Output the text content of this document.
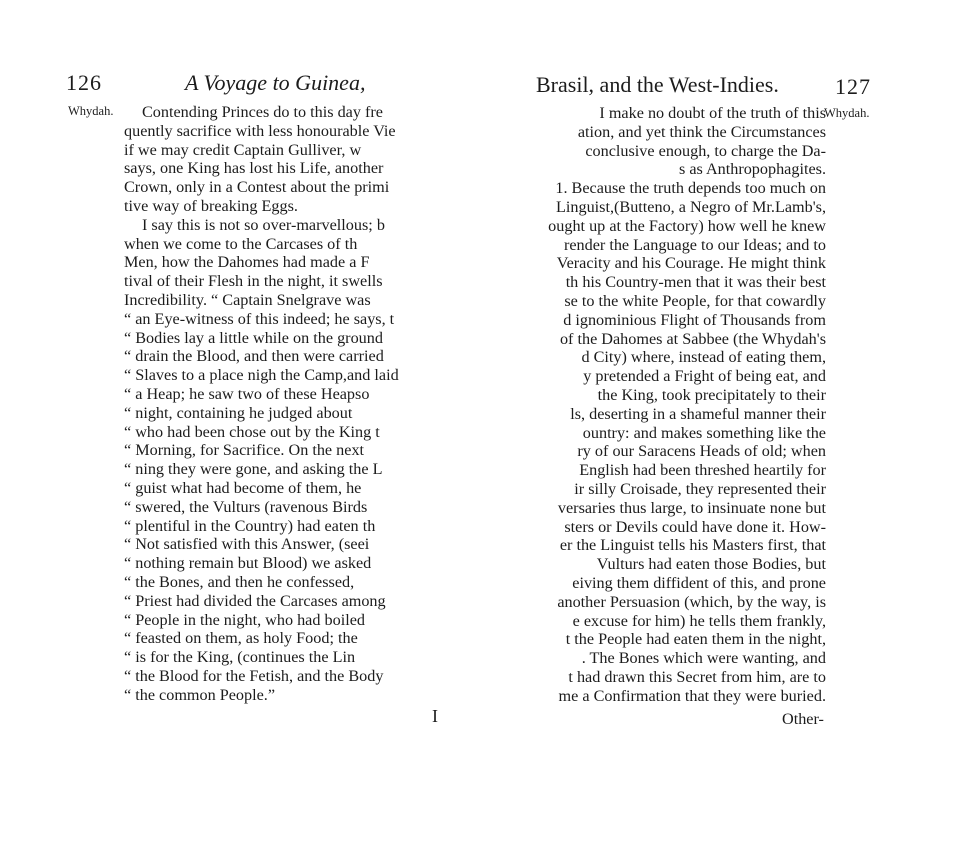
126	A Voyage to Guinea,
Whydah.	Contending Princes do to this day fre
quently sacrifice with less honourable Vie
if we may credit Captain Gulliver, w
says, one King has lost his Life, another
Crown, only in a Contest about the primi
tive way of breaking Eggs.
I say this is not so over-marvellous; b
when we come to the Carcases of th
Men, how the Dahomes had made a F
tival of their Flesh in the night, it swells
Incredibility. “ Captain Snelgrave was
“ an Eye-witness of this indeed; he says, t
“ Bodies lay a little while on the ground
“ drain the Blood, and then were carried
“ Slaves to a place nigh the Camp,and laid
“ a Heap; he saw two of these Heapso
“ night, containing he judged about
“ who had been chose out by the King t
“ Morning, for Sacrifice. On the next
“ ning they were gone, and asking the L
“ guist what had become of them, he
“ swered, the Vulturs (ravenous Birds
“ plentiful in the Country) had eaten th
“ Not satisfied with this Answer, (seei
“ nothing remain but Blood) we asked
“ the Bones, and then he confessed,
“ Priest had divided the Carcases among
“ People in the night, who had boiled
“ feasted on them, as holy Food; the
“ is for the King, (continues the Lin
“ the Blood for the Fetish, and the Body
“ the common People.”
I
Brasil, and the West-Indies.	127
Whydah.
I make no doubt of the truth of this
ation, and yet think the Circumstances
conclusive enough, to charge the Da-
s as Anthropophagites.
1. Because the truth depends too much on
Linguist,(Butteno, a Negro of Mr.Lamb's,
ought up at the Factory) how well he knew
render the Language to our Ideas; and to
Veracity and his Courage. He might think
th his Country-men that it was their best
se to the white People, for that cowardly
d ignominious Flight of Thousands from
of the Dahomes at Sabbee (the Whydah's
d City) where, instead of eating them,
y pretended a Fright of being eat, and
the King, took precipitately to their
ls, deserting in a shameful manner their
ountry: and makes something like the
ry of our Saracens Heads of old; when
English had been threshed heartily for
ir silly Croisade, they represented their
versaries thus large, to insinuate none but
sters or Devils could have done it. How-
er the Linguist tells his Masters first, that
Vulturs had eaten those Bodies, but
eiving them diffident of this, and prone
another Persuasion (which, by the way, is
e excuse for him) he tells them frankly,
t the People had eaten them in the night,
. The Bones which were wanting, and
t had drawn this Secret from him, are to
me a Confirmation that they were buried.
Other-
